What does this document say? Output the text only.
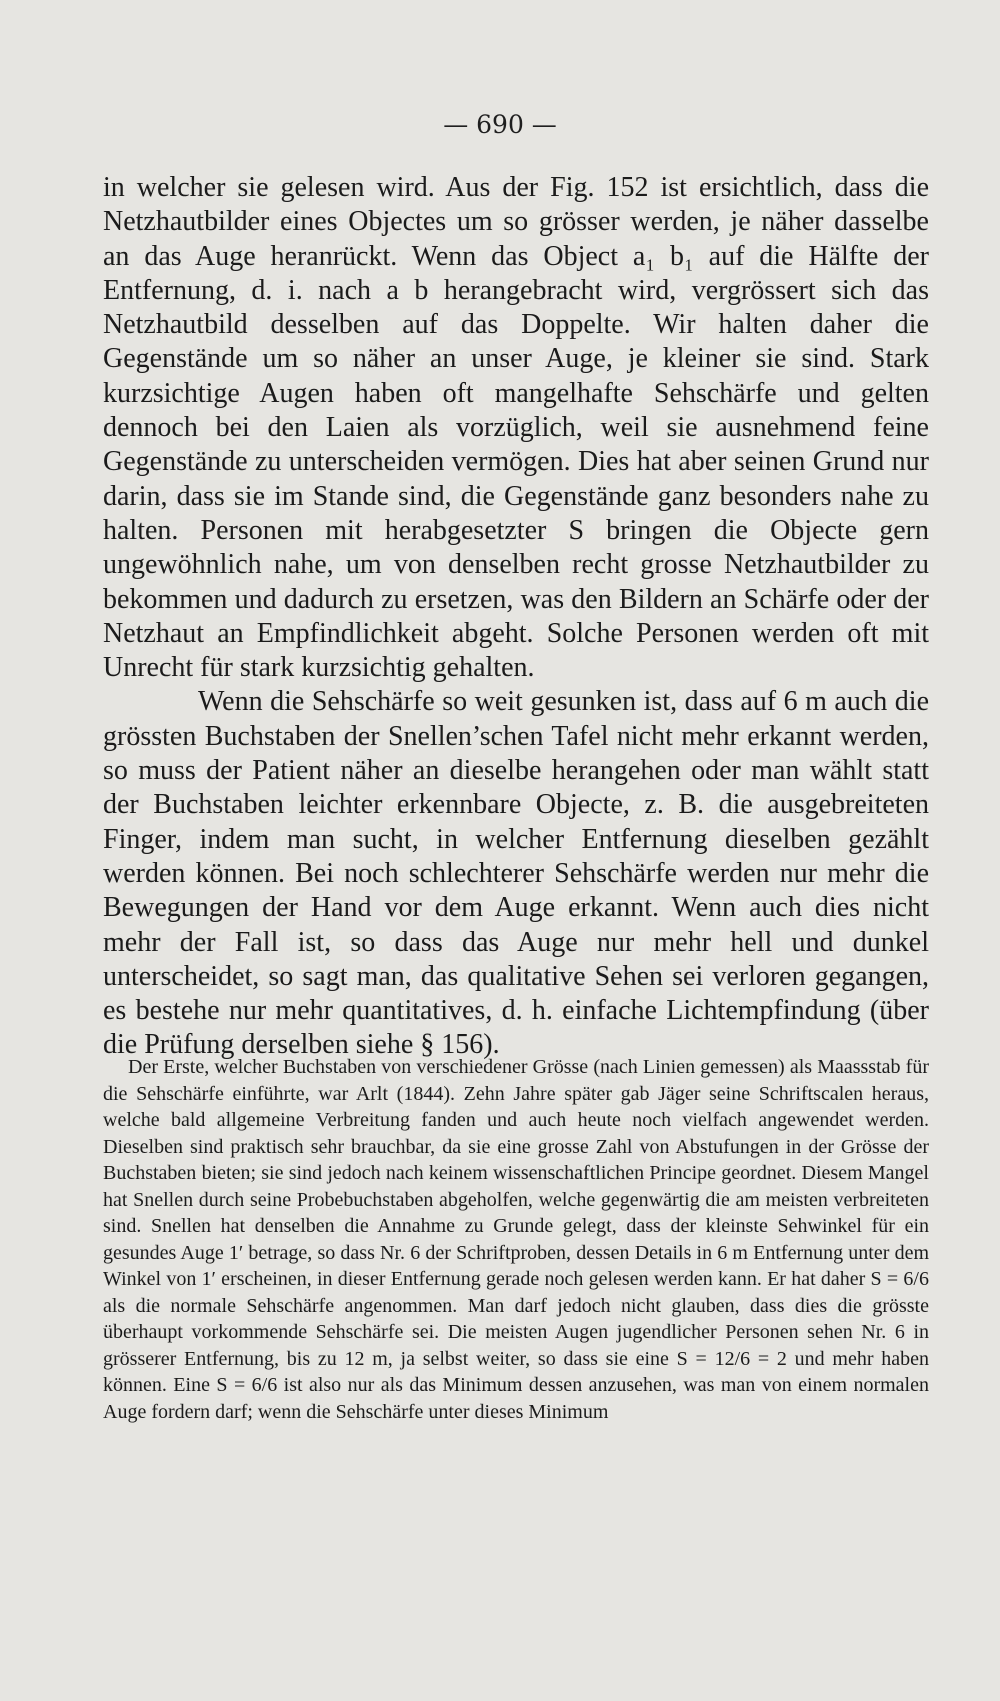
— 690 —

in welcher sie gelesen wird. Aus der Fig. 152 ist ersichtlich, dass die Netzhautbilder eines Objectes um so grösser werden, je näher dasselbe an das Auge heranrückt. Wenn das Object a₁ b₁ auf die Hälfte der Entfernung, d. i. nach a b herangebracht wird, vergrössert sich das Netzhautbild desselben auf das Doppelte. Wir halten daher die Gegenstände um so näher an unser Auge, je kleiner sie sind. Stark kurzsichtige Augen haben oft mangelhafte Sehschärfe und gelten dennoch bei den Laien als vorzüglich, weil sie ausnehmend feine Gegenstände zu unterscheiden vermögen. Dies hat aber seinen Grund nur darin, dass sie im Stande sind, die Gegenstände ganz besonders nahe zu halten. Personen mit herabgesetzter S bringen die Objecte gern ungewöhnlich nahe, um von denselben recht grosse Netzhautbilder zu bekommen und dadurch zu ersetzen, was den Bildern an Schärfe oder der Netzhaut an Empfindlichkeit abgeht. Solche Personen werden oft mit Unrecht für stark kurzsichtig gehalten.

Wenn die Sehschärfe so weit gesunken ist, dass auf 6 m auch die grössten Buchstaben der Snellen’schen Tafel nicht mehr erkannt werden, so muss der Patient näher an dieselbe herangehen oder man wählt statt der Buchstaben leichter erkennbare Objecte, z. B. die ausgebreiteten Finger, indem man sucht, in welcher Entfernung dieselben gezählt werden können. Bei noch schlechterer Sehschärfe werden nur mehr die Bewegungen der Hand vor dem Auge erkannt. Wenn auch dies nicht mehr der Fall ist, so dass das Auge nur mehr hell und dunkel unterscheidet, so sagt man, das qualitative Sehen sei verloren gegangen, es bestehe nur mehr quantitatives, d. h. einfache Lichtempfindung (über die Prüfung derselben siehe § 156).

Der Erste, welcher Buchstaben von verschiedener Grösse (nach Linien gemessen) als Maassstab für die Sehschärfe einführte, war Arlt (1844). Zehn Jahre später gab Jäger seine Schriftscalen heraus, welche bald allgemeine Verbreitung fanden und auch heute noch vielfach angewendet werden. Dieselben sind praktisch sehr brauchbar, da sie eine grosse Zahl von Abstufungen in der Grösse der Buchstaben bieten; sie sind jedoch nach keinem wissenschaftlichen Principe geordnet. Diesem Mangel hat Snellen durch seine Probebuchstaben abgeholfen, welche gegenwärtig die am meisten verbreiteten sind. Snellen hat denselben die Annahme zu Grunde gelegt, dass der kleinste Sehwinkel für ein gesundes Auge 1′ betrage, so dass Nr. 6 der Schriftproben, dessen Details in 6 m Entfernung unter dem Winkel von 1′ erscheinen, in dieser Entfernung gerade noch gelesen werden kann. Er hat daher S = 6/6 als die normale Sehschärfe angenommen. Man darf jedoch nicht glauben, dass dies die grösste überhaupt vorkommende Sehschärfe sei. Die meisten Augen jugendlicher Personen sehen Nr. 6 in grösserer Entfernung, bis zu 12 m, ja selbst weiter, so dass sie eine S = 12/6 = 2 und mehr haben können. Eine S = 6/6 ist also nur als das Minimum dessen anzusehen, was man von einem normalen Auge fordern darf; wenn die Sehschärfe unter dieses Minimum
